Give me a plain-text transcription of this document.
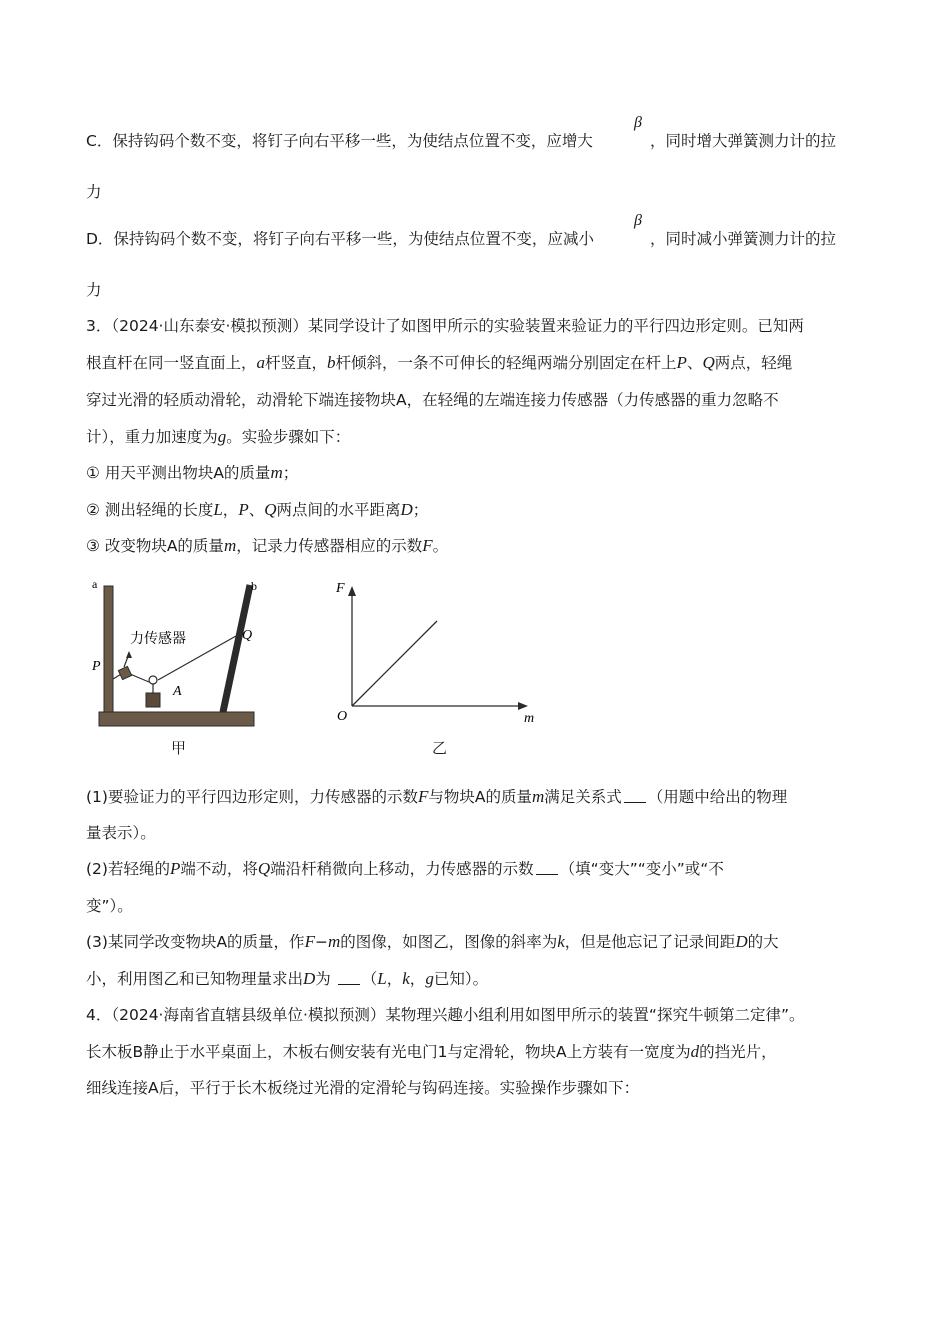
C．保持钩码个数不变，将钉子向右平移一些，为使结点位置不变，应增大
β
，同时增大弹簧测力计的拉
力
D．保持钩码个数不变，将钉子向右平移一些，为使结点位置不变，应减小
β
，同时减小弹簧测力计的拉
力
3．（2024·山东泰安·模拟预测）某同学设计了如图甲所示的实验装置来验证力的平行四边形定则。已知两
根直杆在同一竖直面上，a杆竖直，b杆倾斜，一条不可伸长的轻绳两端分别固定在杆上P、Q两点，轻绳
穿过光滑的轻质动滑轮，动滑轮下端连接物块A，在轻绳的左端连接力传感器（力传感器的重力忽略不
计），重力加速度为g。实验步骤如下：
① 用天平测出物块A的质量m；
② 测出轻绳的长度L，P、Q两点间的水平距离D；
③ 改变物块A的质量m，记录力传感器相应的示数F。
a	b
力传感器
P
Q
A
甲
F
O	m
乙
(1)要验证力的平行四边形定则，力传感器的示数F与物块A的质量m满足关系式 （用题中给出的物理
量表示）。
(2)若轻绳的P端不动，将Q端沿杆稍微向上移动，力传感器的示数 （填“变大”“变小”或“不
变”）。
(3)某同学改变物块A的质量，作F−m的图像，如图乙，图像的斜率为k，但是他忘记了记录间距D的大
小，利用图乙和已知物理量求出D为 （L，k，g已知）。
4．（2024·海南省直辖县级单位·模拟预测）某物理兴趣小组利用如图甲所示的装置“探究牛顿第二定律”。
长木板B静止于水平桌面上，木板右侧安装有光电门1与定滑轮，物块A上方装有一宽度为d的挡光片，
细线连接A后，平行于长木板绕过光滑的定滑轮与钩码连接。实验操作步骤如下：
